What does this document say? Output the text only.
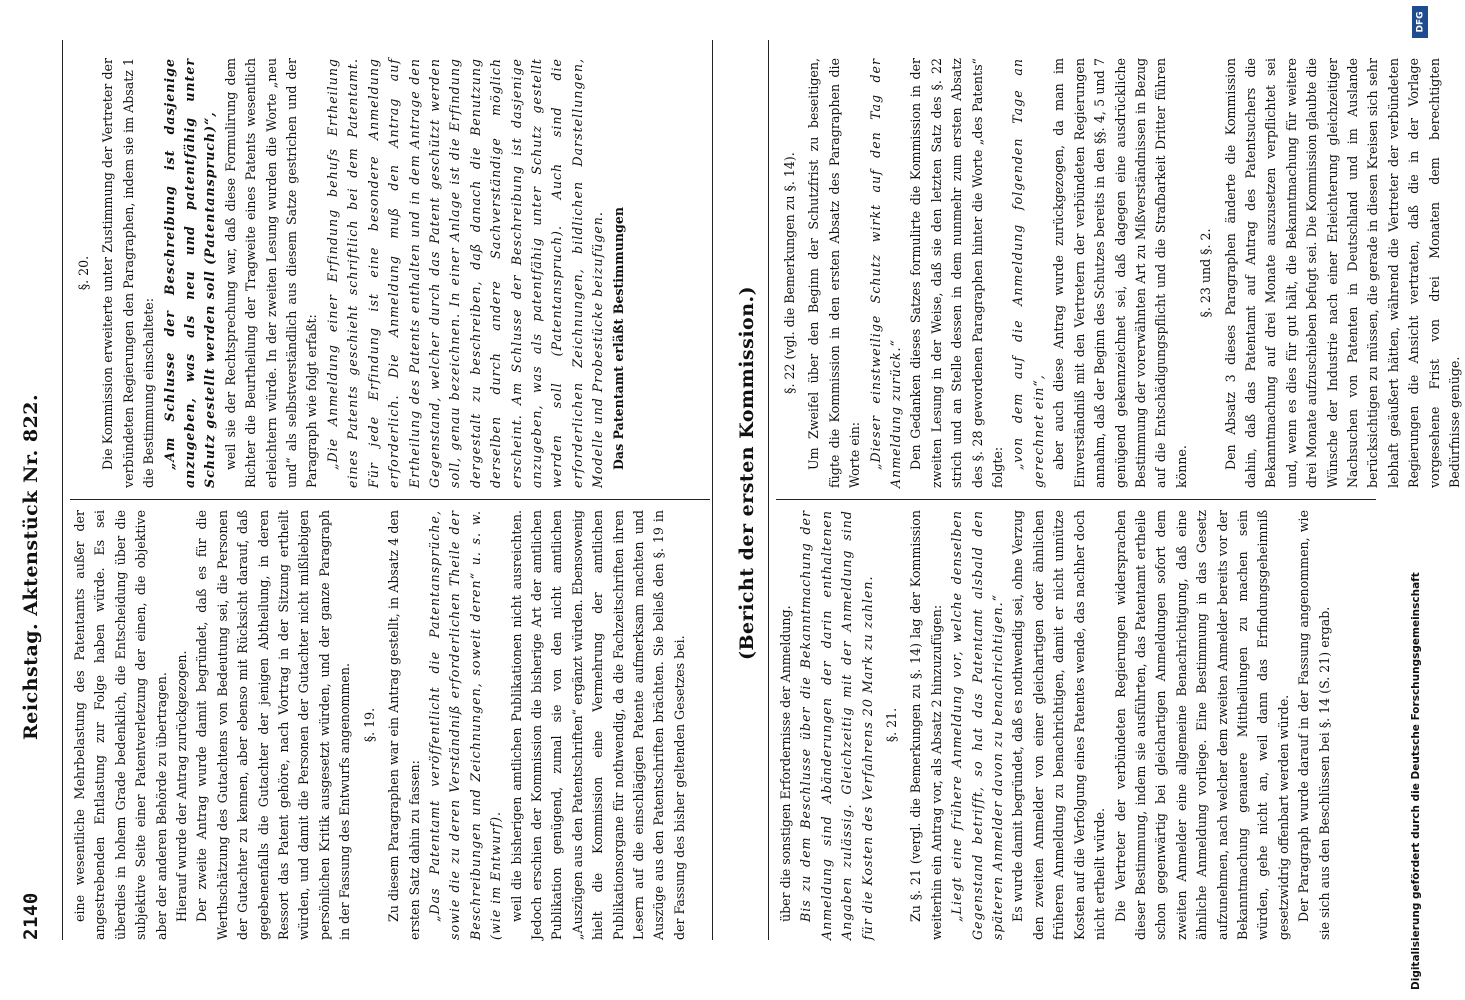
2140
Reichstag. Aktenstück Nr. 822. eine wesentliche Mehrbelastung des Patentamts außer der angestrebenden Entlastung zur Folge haben würde. Es sei überdies in hohem Grade bedenklich, die Entscheidung über die subjektive Seite einer Patentverletzung der einen, die objektive aber der anderen Behörde zu übertragen. Hierauf wurde der Antrag zurückgezogen. Der zweite Antrag wurde damit begründet, daß es für die Werthschätzung des Gutachtens von Bedeutung sei, die Personen der Gutachter zu kennen, aber ebenso mit Rücksicht darauf, daß gegebenenfalls die Gutachter der jenigen Abtheilung, in deren Ressort das Patent gehöre, nach Vortrag in der Sitzung ertheilt würden, und damit die Personen der Gutachter nicht mißliebigen persönlichen Kritik ausgesetzt würden, und der ganze Paragraph in der Fassung des Entwurfs angenommen. §. 19. Zu diesem Paragraphen war ein Antrag gestellt, in Absatz 4 den ersten Satz dahin zu fassen: „Das Patentamt veröffentlicht die Patentansprüche, sowie die zu deren Verständniß erforderlichen Theile der Beschreibungen und Zeichnungen, soweit deren“ u. s. w. (wie im Entwurf). weil die bisherigen amtlichen Publikationen nicht ausreichten. Jedoch erschien der Kommission die bisherige Art der amtlichen Publikation genügend, zumal sie von den nicht amtlichen „Auszügen aus den Patentschriften“ ergänzt würden. Ebensowenig hielt die Kommission eine Vermehrung der amtlichen Publikationsorgane für nothwendig, da die Fachzeitschriften ihren Lesern auf die einschlägigen Patente aufmerksam machten und Auszüge aus den Patentschriften brächten. Sie beließ den §. 19 in der Fassung des bisher geltenden Gesetzes bei.

§. 20. Die Kommission erweiterte unter Zustimmung der Vertreter der verbündeten Regierungen den Paragraphen, indem sie im Absatz 1 die Bestimmung einschaltete: „Am Schlusse der Beschreibung ist dasjenige anzugeben, was als neu und patentfähig unter Schutz gestellt werden soll (Patentanspruch)“, weil sie der Rechtsprechung war, daß diese Formulirung dem Richter die Beurtheilung der Tragweite eines Patents wesentlich erleichtern würde. In der zweiten Lesung wurden die Worte „neu und“ als selbstverständlich aus diesem Satze gestrichen und der Paragraph wie folgt erfaßt: „Die Anmeldung einer Erfindung behufs Ertheilung eines Patents geschieht schriftlich bei dem Patentamt. Für jede Erfindung ist eine besondere Anmeldung erforderlich. Die Anmeldung muß den Antrag auf Ertheilung des Patents enthalten und in dem Antrage den Gegenstand, welcher durch das Patent geschützt werden soll, genau bezeichnen. In einer Anlage ist die Erfindung dergestalt zu beschreiben, daß danach die Benutzung derselben durch andere Sachverständige möglich erscheint. Am Schlusse der Beschreibung ist dasjenige anzugeben, was als patentfähig unter Schutz gestellt werden soll (Patentanspruch). Auch sind die erforderlichen Zeichnungen, bildlichen Darstellungen, Modelle und Probestücke beizufügen. Das Patentamt erläßt Bestimmungen	(Bericht der ersten Kommission.)

über die sonstigen Erfordernisse der Anmeldung. Bis zu dem Beschlusse über die Bekanntmachung der Anmeldung sind Abänderungen der darin enthaltenen Angaben zulässig. Gleichzeitig mit der Anmeldung sind für die Kosten des Verfahrens 20 Mark zu zahlen. §. 21. Zu §. 21 (vergl. die Bemerkungen zu §. 14) lag der Kommission weiterhin ein Antrag vor, als Absatz 2 hinzuzufügen: „Liegt eine frühere Anmeldung vor, welche denselben Gegenstand betrifft, so hat das Patentamt alsbald den späteren Anmelder davon zu benachrichtigen.“ Es wurde damit begründet, daß es nothwendig sei, ohne Verzug den zweiten Anmelder von einer gleichartigen oder ähnlichen früheren Anmeldung zu benachrichtigen, damit er nicht unnütze Kosten auf die Verfolgung eines Patentes wende, das nachher doch nicht ertheilt würde. Die Vertreter der verbündeten Regierungen widersprachen dieser Bestimmung, indem sie ausführten, das Patentamt ertheile schon gegenwärtig bei gleichartigen Anmeldungen sofort dem zweiten Anmelder eine allgemeine Benachrichtigung, daß eine ähnliche Anmeldung vorliege. Eine Bestimmung in das Gesetz aufzunehmen, nach welcher dem zweiten Anmelder bereits vor der Bekanntmachung genauere Mittheilungen zu machen sein würden, gehe nicht an, weil dann das Erfindungsgeheimniß gesetzwidrig offenbart werden würde. Der Paragraph wurde darauf in der Fassung angenommen, wie sie sich aus den Beschlüssen bei §. 14 (S. 21) ergab.

§. 22 (vgl. die Bemerkungen zu §. 14). Um Zweifel über den Beginn der Schutzfrist zu beseitigen, fügte die Kommission in den ersten Absatz des Paragraphen die Worte ein: „Dieser einstweilige Schutz wirkt auf den Tag der Anmeldung zurück.“ Den Gedanken dieses Satzes formulirte die Kommission in der zweiten Lesung in der Weise, daß sie den letzten Satz des §. 22 strich und an Stelle dessen in dem nunmehr zum ersten Absatz des §. 28 gewordenen Paragraphen hinter die Worte „des Patents“ folgte: „von dem auf die Anmeldung folgenden Tage an gerechnet ein“, aber auch diese Antrag wurde zurückgezogen, da man im Einverständniß mit den Vertretern der verbündeten Regierungen annahm, daß der Beginn des Schutzes bereits in den §§. 4, 5 und 7 genügend gekennzeichnet sei, daß dagegen eine ausdrückliche Bestimmung der vorerwähnten Art zu Mißverständnissen in Bezug auf die Entschädigungspflicht und die Strafbarkeit Dritter führen könne.

§. 23 und §. 2. Den Absatz 3 dieses Paragraphen änderte die Kommission dahin, daß das Patentamt auf Antrag des Patentsuchers die Bekanntmachung auf drei Monate auszusetzen verpflichtet sei und, wenn es dies für gut hält, die Bekanntmachung für weitere drei Monate aufzuschieben befugt sei. Die Kommission glaubte die Wünsche der Industrie nach einer Erleichterung gleichzeitiger Nachsuchen von Patenten in Deutschland und im Auslande berücksichtigen zu müssen, die gerade in diesen Kreisen sich sehr lebhaft geäußert hätten, während die Vertreter der verbündeten Regierungen die Ansicht vertraten, daß die in der Vorlage vorgesehene Frist von drei Monaten dem berechtigten Bedürfnisse genüge.

Digitalisierung gefördert durch die Deutsche Forschungsgemeinschaft
DFG
